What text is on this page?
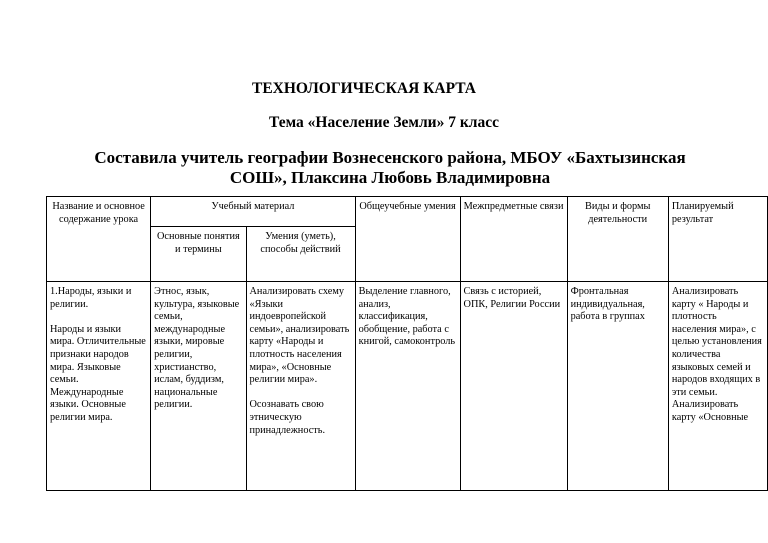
ТЕХНОЛОГИЧЕСКАЯ КАРТА
Тема «Население Земли» 7 класс
Составила учитель географии Вознесенского района, МБОУ «Бахтызинская
СОШ», Плаксина Любовь Владимировна
Название и основное содержание урока	Учебный материал		Общеучебные умения	Межпредметные связи	Виды и формы деятельности	Планируемый результат
	Основные понятия и термины	Умения (уметь), способы действий				
1.Народы, языки и религии.
Народы и языки мира. Отличительные признаки народов мира. Языковые семьи. Международные языки. Основные религии мира.	Этнос, язык, культура, языковые семьи, международные языки, мировые религии, христианство, ислам, буддизм, национальные религии.	Анализировать схему «Языки индоевропейской семьи», анализировать карту «Народы и плотность населения мира», «Основные религии мира».
Осознавать свою этническую принадлежность.	Выделение главного, анализ, классификация, обобщение, работа с книгой, самоконтроль	Связь с историей, ОПК, Религии России	Фронтальная индивидуальная, работа в группах	Анализировать карту « Народы и плотность населения мира», с целью установления количества языковых семей и народов входящих в эти семьи. Анализировать карту «Основные
